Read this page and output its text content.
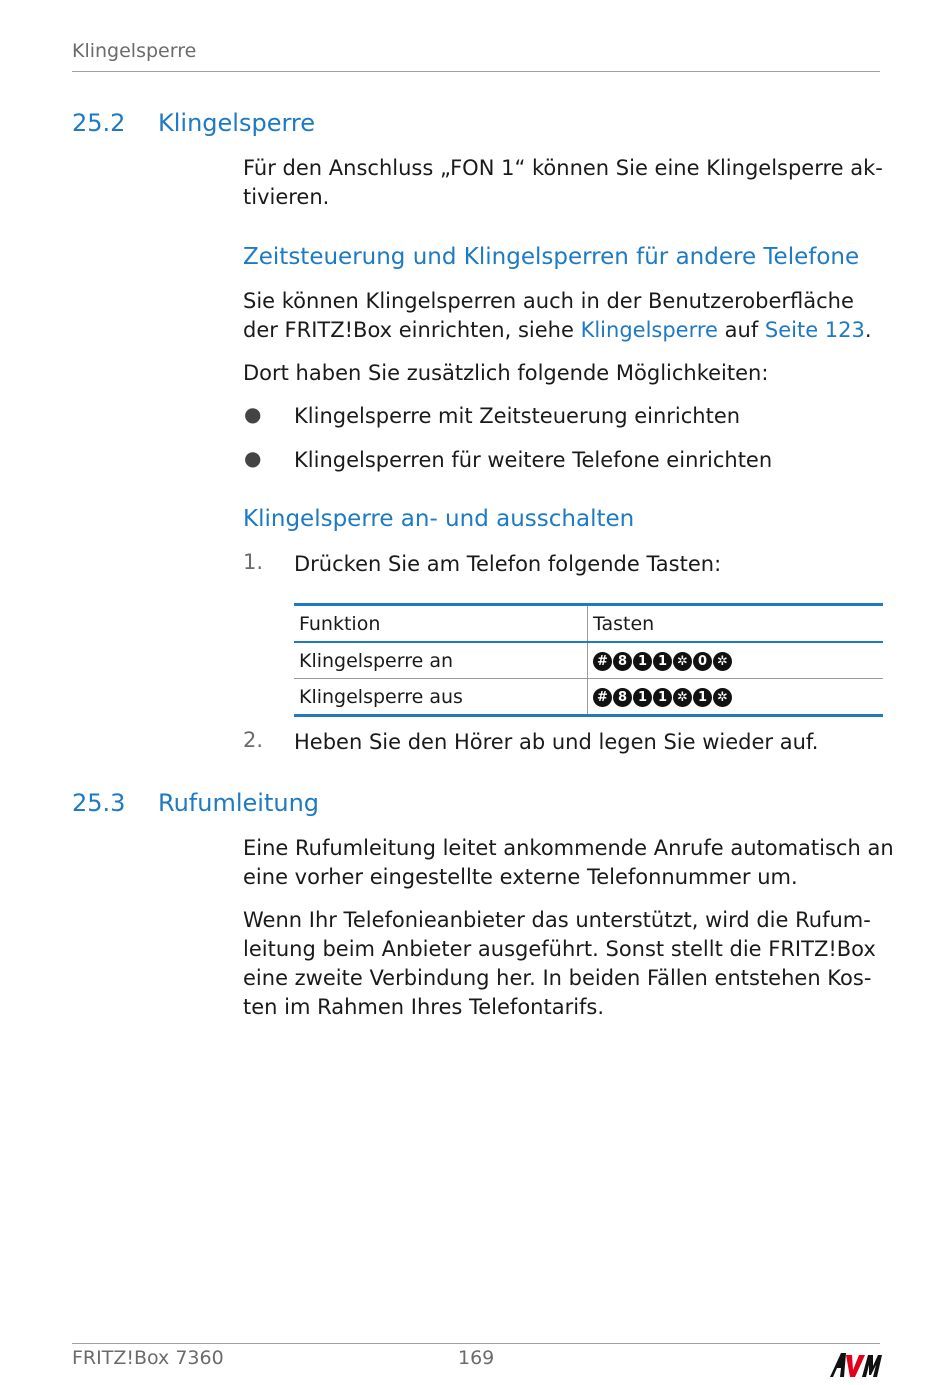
Klingelsperre
25.2 Klingelsperre
Für den Anschluss „FON 1“ können Sie eine Klingelsperre ak-
tivieren.
Zeitsteuerung und Klingelsperren für andere Telefone
Sie können Klingelsperren auch in der Benutzeroberfläche
der FRITZ!Box einrichten, siehe Klingelsperre auf Seite 123.
Dort haben Sie zusätzlich folgende Möglichkeiten:
● Klingelsperre mit Zeitsteuerung einrichten
● Klingelsperren für weitere Telefone einrichten
Klingelsperre an- und ausschalten
1. Drücken Sie am Telefon folgende Tasten:
Funktion	Tasten
Klingelsperre an	# 8 1 1 ✲ 0 ✲
Klingelsperre aus	# 8 1 1 ✲ 1 ✲
2. Heben Sie den Hörer ab und legen Sie wieder auf.
25.3 Rufumleitung
Eine Rufumleitung leitet ankommende Anrufe automatisch an
eine vorher eingestellte externe Telefonnummer um.
Wenn Ihr Telefonieanbieter das unterstützt, wird die Rufum-
leitung beim Anbieter ausgeführt. Sonst stellt die FRITZ!Box
eine zweite Verbindung her. In beiden Fällen entstehen Kos-
ten im Rahmen Ihres Telefontarifs.
FRITZ!Box 7360	169
